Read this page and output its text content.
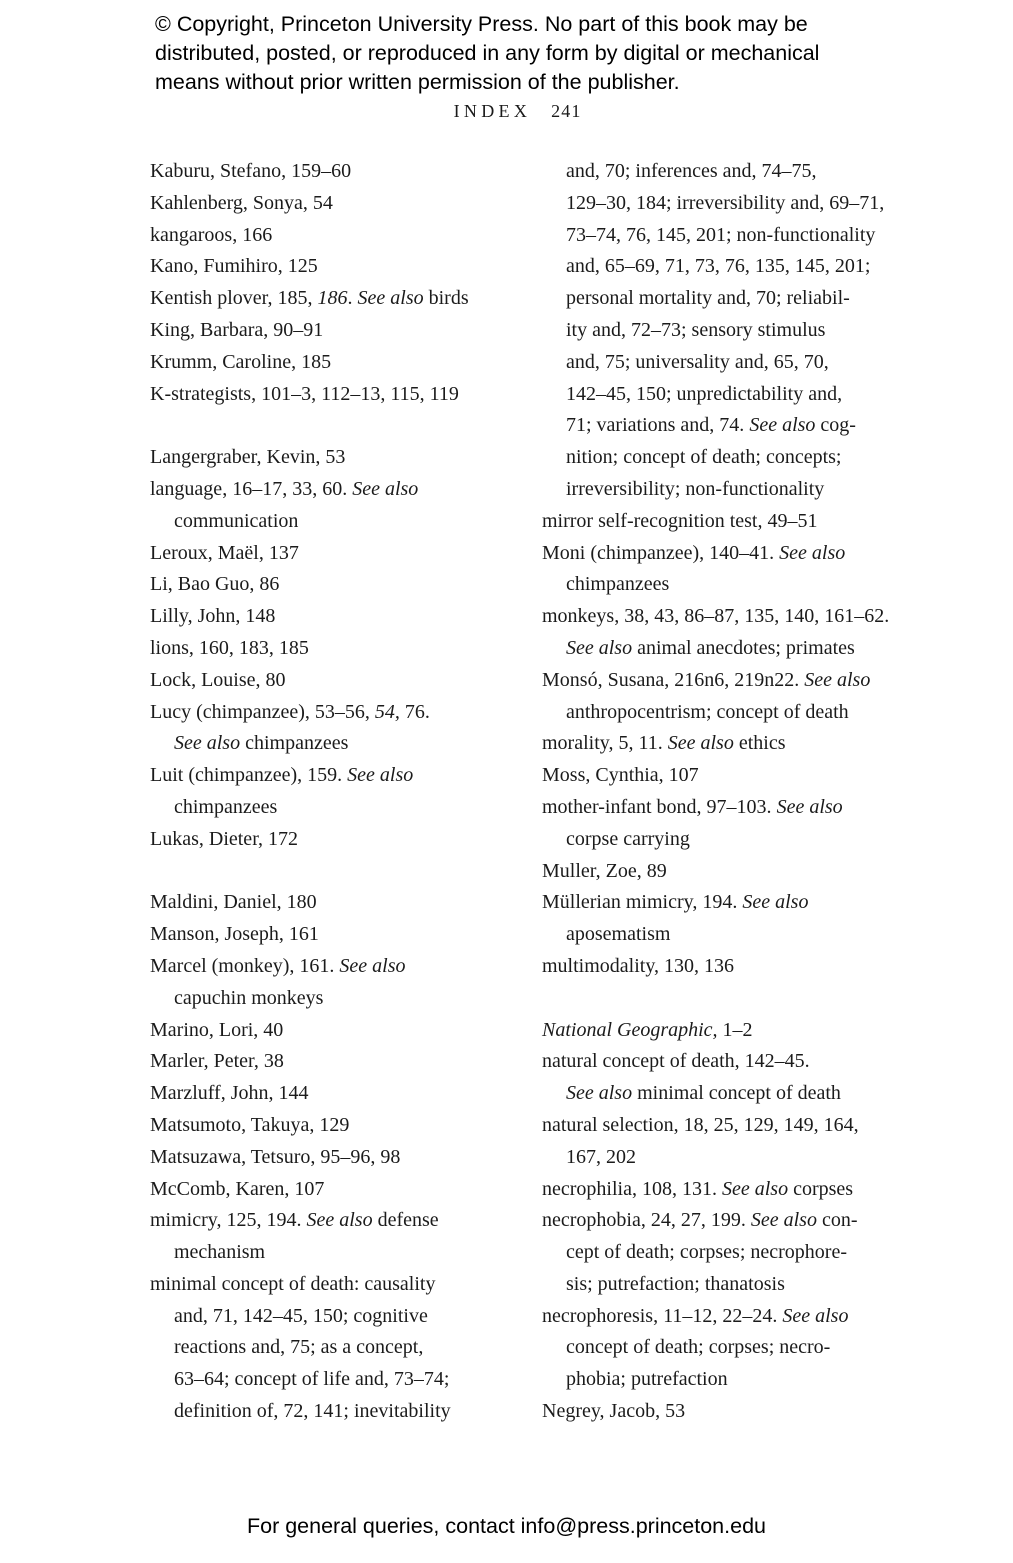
© Copyright, Princeton University Press. No part of this book may be
distributed, posted, or reproduced in any form by digital or mechanical
means without prior written permission of the publisher.
INDEX 241
Kaburu, Stefano, 159–60
Kahlenberg, Sonya, 54
kangaroos, 166
Kano, Fumihiro, 125
Kentish plover, 185, 186. See also birds
King, Barbara, 90–91
Krumm, Caroline, 185
K-strategists, 101–3, 112–13, 115, 119
Langergraber, Kevin, 53
language, 16–17, 33, 60. See also
communication
Leroux, Maël, 137
Li, Bao Guo, 86
Lilly, John, 148
lions, 160, 183, 185
Lock, Louise, 80
Lucy (chimpanzee), 53–56, 54, 76.
See also chimpanzees
Luit (chimpanzee), 159. See also
chimpanzees
Lukas, Dieter, 172
Maldini, Daniel, 180
Manson, Joseph, 161
Marcel (monkey), 161. See also
capuchin monkeys
Marino, Lori, 40
Marler, Peter, 38
Marzluff, John, 144
Matsumoto, Takuya, 129
Matsuzawa, Tetsuro, 95–96, 98
McComb, Karen, 107
mimicry, 125, 194. See also defense
mechanism
minimal concept of death: causality
and, 71, 142–45, 150; cognitive
reactions and, 75; as a concept,
63–64; concept of life and, 73–74;
definition of, 72, 141; inevitability
and, 70; inferences and, 74–75,
129–30, 184; irreversibility and, 69–71,
73–74, 76, 145, 201; non-functionality
and, 65–69, 71, 73, 76, 135, 145, 201;
personal mortality and, 70; reliabil-
ity and, 72–73; sensory stimulus
and, 75; universality and, 65, 70,
142–45, 150; unpredictability and,
71; variations and, 74. See also cog-
nition; concept of death; concepts;
irreversibility; non-functionality
mirror self-recognition test, 49–51
Moni (chimpanzee), 140–41. See also
chimpanzees
monkeys, 38, 43, 86–87, 135, 140, 161–62.
See also animal anecdotes; primates
Monsó, Susana, 216n6, 219n22. See also
anthropocentrism; concept of death
morality, 5, 11. See also ethics
Moss, Cynthia, 107
mother-infant bond, 97–103. See also
corpse carrying
Muller, Zoe, 89
Müllerian mimicry, 194. See also
aposematism
multimodality, 130, 136
National Geographic, 1–2
natural concept of death, 142–45.
See also minimal concept of death
natural selection, 18, 25, 129, 149, 164,
167, 202
necrophilia, 108, 131. See also corpses
necrophobia, 24, 27, 199. See also con-
cept of death; corpses; necrophore-
sis; putrefaction; thanatosis
necrophoresis, 11–12, 22–24. See also
concept of death; corpses; necro-
phobia; putrefaction
Negrey, Jacob, 53
For general queries, contact info@press.princeton.edu
